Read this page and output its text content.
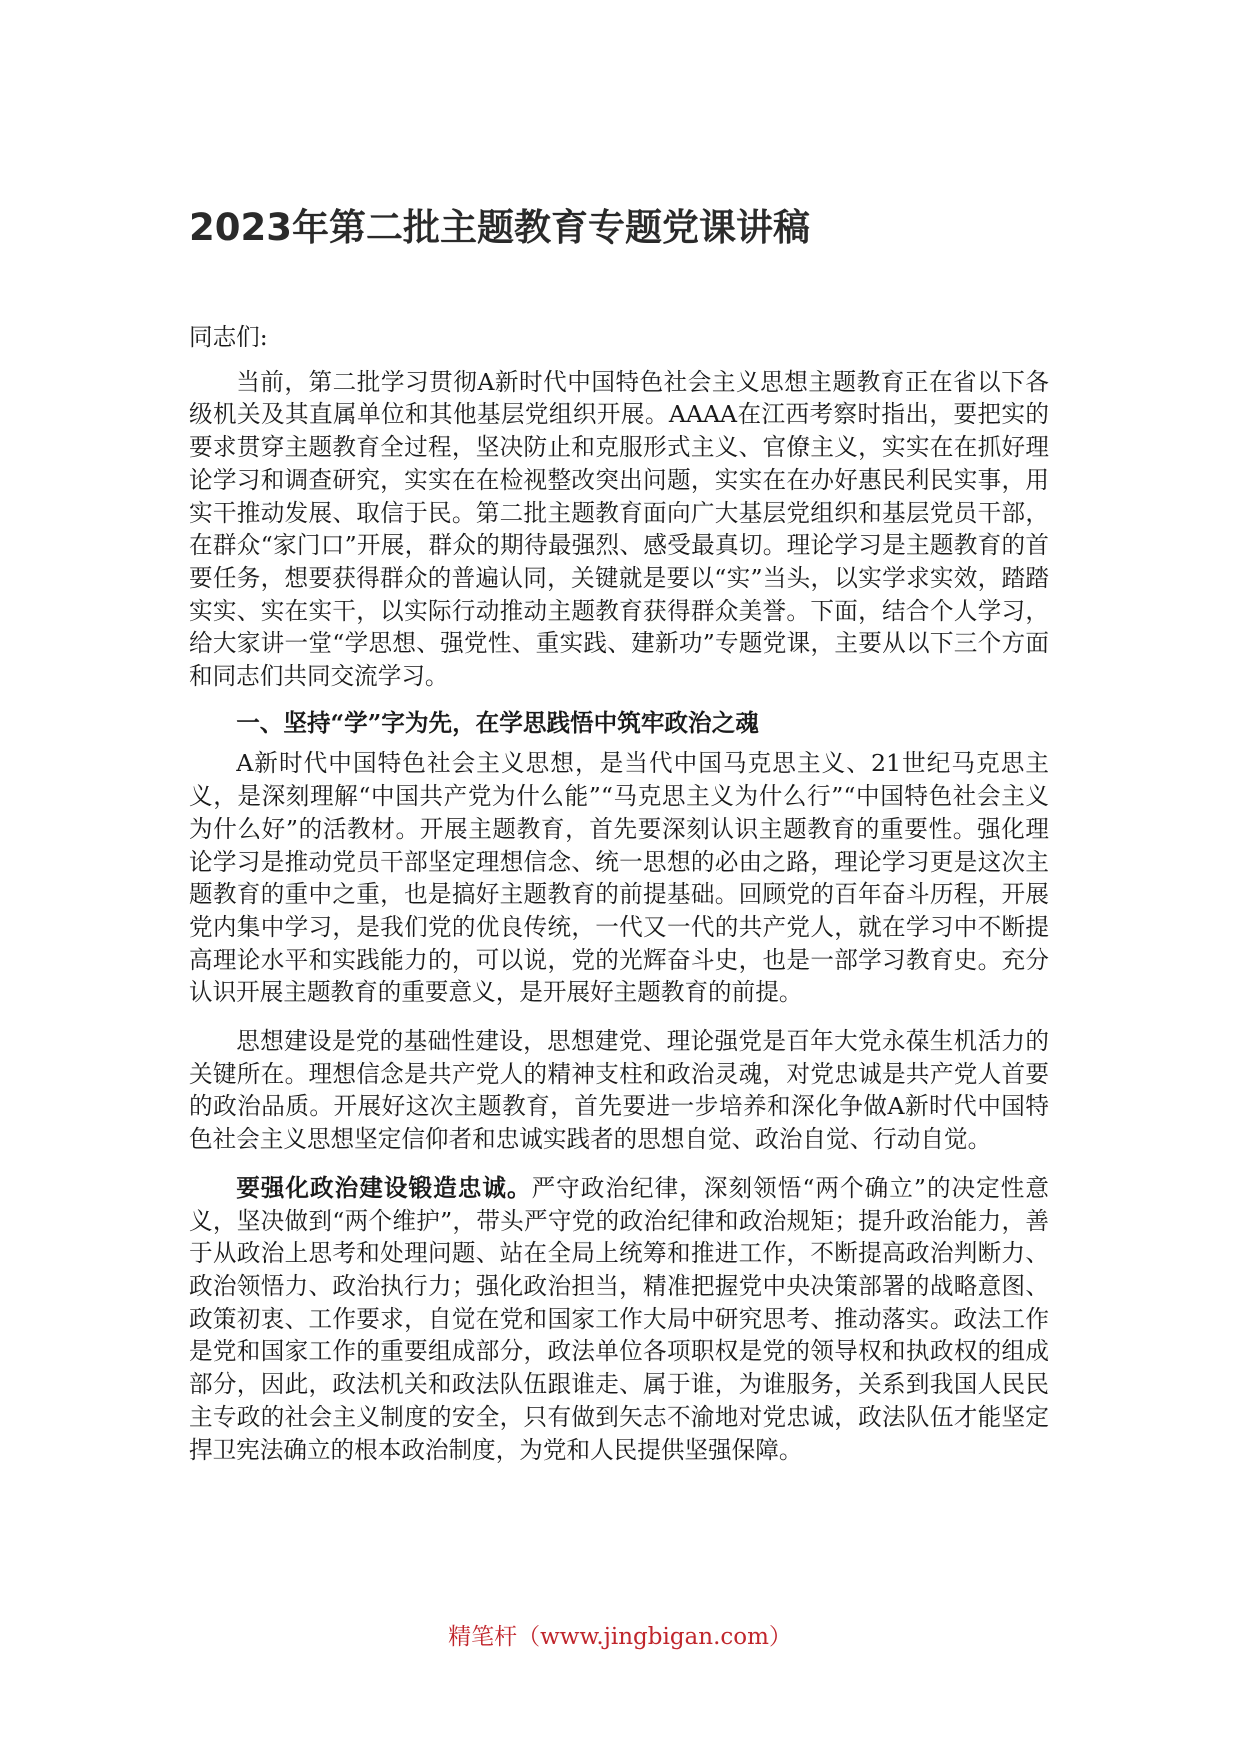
2023年第二批主题教育专题党课讲稿

同志们:

当前，第二批学习贯彻A新时代中国特色社会主义思想主题教育正在省以下各级机关及其直属单位和其他基层党组织开展。AAAA在江西考察时指出，要把实的要求贯穿主题教育全过程，坚决防止和克服形式主义、官僚主义，实实在在抓好理论学习和调查研究，实实在在检视整改突出问题，实实在在办好惠民利民实事，用实干推动发展、取信于民。第二批主题教育面向广大基层党组织和基层党员干部，在群众“家门口”开展，群众的期待最强烈、感受最真切。理论学习是主题教育的首要任务，想要获得群众的普遍认同，关键就是要以“实”当头，以实学求实效，踏踏实实、实在实干，以实际行动推动主题教育获得群众美誉。下面，结合个人学习，给大家讲一堂“学思想、强党性、重实践、建新功”专题党课，主要从以下三个方面和同志们共同交流学习。

一、坚持“学”字为先，在学思践悟中筑牢政治之魂

A新时代中国特色社会主义思想，是当代中国马克思主义、21世纪马克思主义，是深刻理解“中国共产党为什么能”“马克思主义为什么行”“中国特色社会主义为什么好”的活教材。开展主题教育，首先要深刻认识主题教育的重要性。强化理论学习是推动党员干部坚定理想信念、统一思想的必由之路，理论学习更是这次主题教育的重中之重，也是搞好主题教育的前提基础。回顾党的百年奋斗历程，开展党内集中学习，是我们党的优良传统，一代又一代的共产党人，就在学习中不断提高理论水平和实践能力的，可以说，党的光辉奋斗史，也是一部学习教育史。充分认识开展主题教育的重要意义，是开展好主题教育的前提。

思想建设是党的基础性建设，思想建党、理论强党是百年大党永葆生机活力的关键所在。理想信念是共产党人的精神支柱和政治灵魂，对党忠诚是共产党人首要的政治品质。开展好这次主题教育，首先要进一步培养和深化争做A新时代中国特色社会主义思想坚定信仰者和忠诚实践者的思想自觉、政治自觉、行动自觉。

要强化政治建设锻造忠诚。严守政治纪律，深刻领悟“两个确立”的决定性意义，坚决做到“两个维护”，带头严守党的政治纪律和政治规矩；提升政治能力，善于从政治上思考和处理问题、站在全局上统筹和推进工作，不断提高政治判断力、政治领悟力、政治执行力；强化政治担当，精准把握党中央决策部署的战略意图、政策初衷、工作要求，自觉在党和国家工作大局中研究思考、推动落实。政法工作是党和国家工作的重要组成部分，政法单位各项职权是党的领导权和执政权的组成部分，因此，政法机关和政法队伍跟谁走、属于谁，为谁服务，关系到我国人民民主专政的社会主义制度的安全，只有做到矢志不渝地对党忠诚，政法队伍才能坚定捍卫宪法确立的根本政治制度，为党和人民提供坚强保障。

精笔杆（www.jingbigan.com）
